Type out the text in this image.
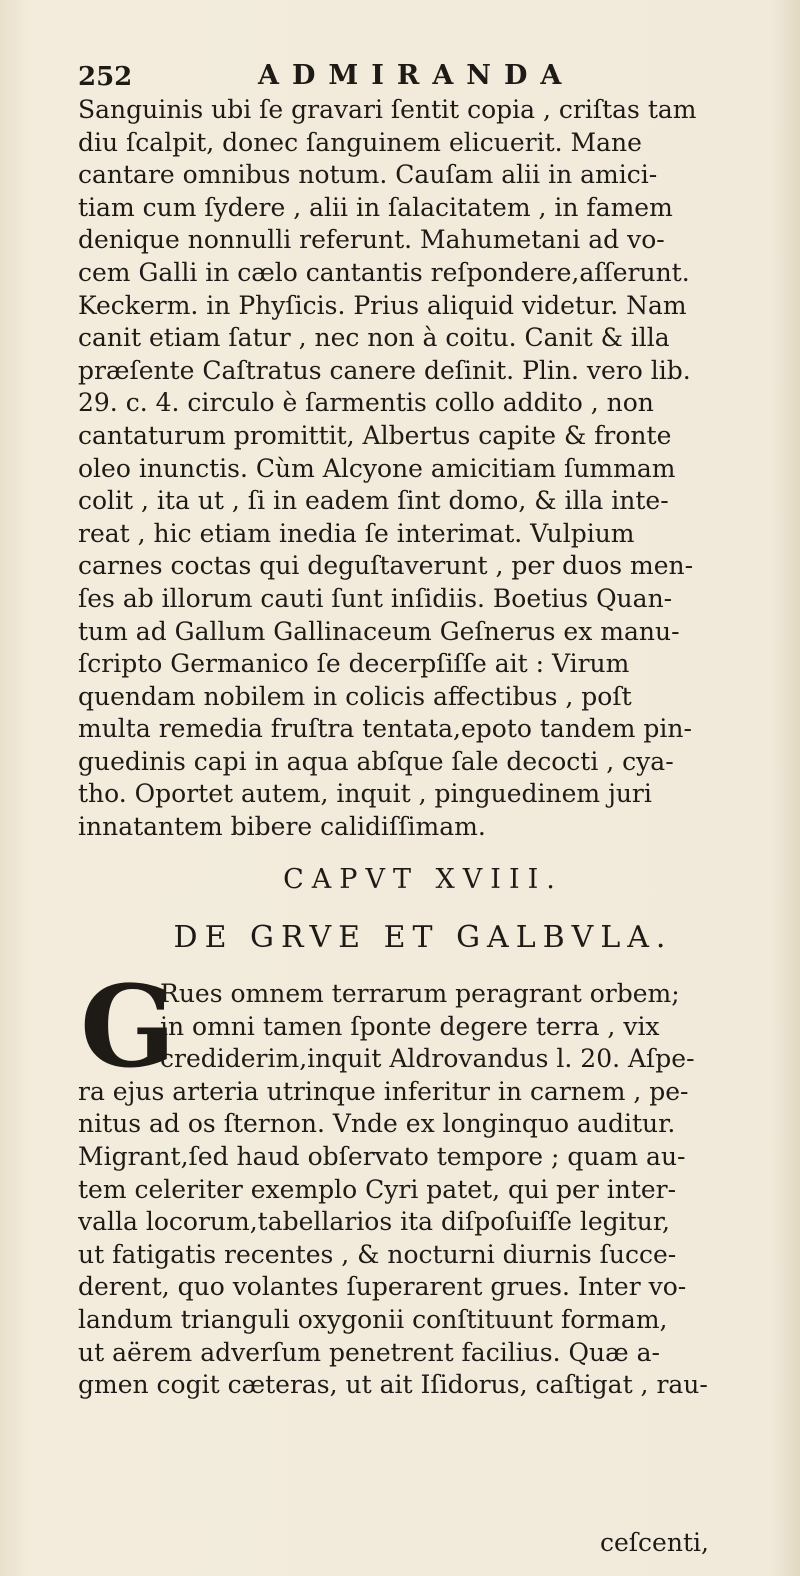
252	ADMIRANDA
Sanguinis ubi ſe gravari ſentit copia , criſtas tam
diu ſcalpit, donec ſanguinem elicuerit. Mane
cantare omnibus notum. Cauſam alii in amici-
tiam cum ſydere , alii in ſalacitatem , in famem
denique nonnulli referunt. Mahumetani ad vo-
cem Galli in cælo cantantis reſpondere,aſſerunt.
Keckerm. in Phyſicis. Prius aliquid videtur. Nam
canit etiam ſatur , nec non à coitu. Canit & illa
præſente Caſtratus canere deſinit. Plin. vero lib.
29. c. 4. circulo è ſarmentis collo addito , non
cantaturum promittit, Albertus capite & fronte
oleo inunctis. Cùm Alcyone amicitiam ſummam
colit , ita ut , ſi in eadem ſint domo, & illa inte-
reat , hic etiam inedia ſe interimat. Vulpium
carnes coctas qui deguſtaverunt , per duos men-
ſes ab illorum cauti ſunt inſidiis. Boetius Quan-
tum ad Gallum Gallinaceum Geſnerus ex manu-
ſcripto Germanico ſe decerpſiſſe ait : Virum
quendam nobilem in colicis affectibus , poſt
multa remedia fruſtra tentata,epoto tandem pin-
guedinis capi in aqua abſque ſale decocti , cya-
tho. Oportet autem, inquit , pinguedinem juri
innatantem bibere calidiſſimam.
CAPVT XVIII.
DE GRVE ET GALBVLA.
G
Rues omnem terrarum peragrant orbem;
in omni tamen ſponte degere terra , vix
crediderim,inquit Aldrovandus l. 20. Aſpe-
ra ejus arteria utrinque inferitur in carnem , pe-
nitus ad os ſternon. Vnde ex longinquo auditur.
Migrant,ſed haud obſervato tempore ; quam au-
tem celeriter exemplo Cyri patet, qui per inter-
valla locorum,tabellarios ita diſpoſuiſſe legitur,
ut fatigatis recentes , & nocturni diurnis ſucce-
derent, quo volantes ſuperarent grues. Inter vo-
landum trianguli oxygonii conſtituunt formam,
ut aërem adverſum penetrent facilius. Quæ a-
gmen cogit cæteras, ut ait Iſidorus, caſtigat , rau-
ceſcenti,
